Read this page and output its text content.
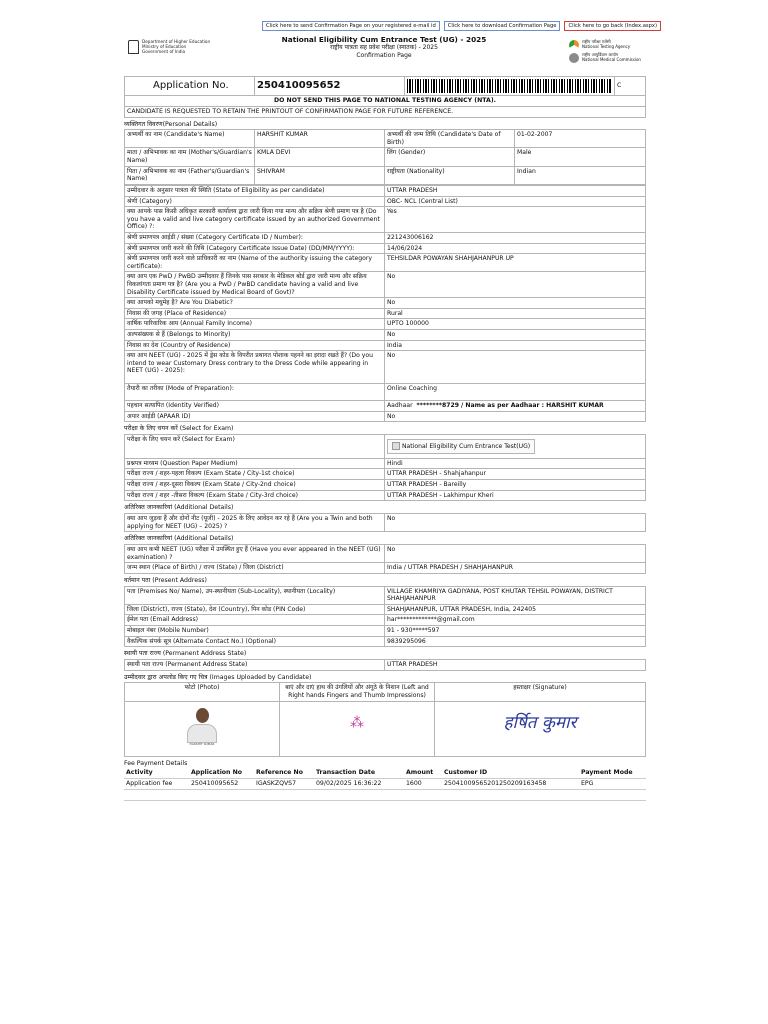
Click here to send Confirmation Page on your registered e-mail id	Click here to download Confirmation Page	Click here to go back (Index.aspx)
Department of Higher Education
Ministry of Education
Government of India
National Eligibility Cum Entrance Test (UG) - 2025
राष्ट्रीय पात्रता सह प्रवेश परीक्षा (स्नातक) - 2025
Confirmation Page
राष्ट्रीय परीक्षा एजेंसी
National Testing Agency
राष्ट्रीय आयुर्विज्ञान आयोग
National Medical Commission
Application No.	250410095652		C
DO NOT SEND THIS PAGE TO NATIONAL TESTING AGENCY (NTA).
CANDIDATE IS REQUESTED TO RETAIN THE PRINTOUT OF CONFIRMATION PAGE FOR FUTURE REFERENCE.
व्यक्तिगत विवरण(Personal Details)
अभ्यर्थी का नाम (Candidate's Name)	HARSHIT KUMAR	अभ्यर्थी की जन्म तिथि (Candidate's Date of Birth)	01-02-2007
माता / अभिभावक का नाम (Mother's/Guardian's Name)	KMLA DEVI	लिंग (Gender)	Male
पिता / अभिभावक का नाम (Father's/Guardian's Name)	SHIVRAM	राष्ट्रीयता (Nationality)	Indian
उम्मीदवार के अनुसार पात्रता की स्थिति (State of Eligibility as per candidate)	UTTAR PRADESH
श्रेणी (Category)	OBC- NCL (Central List)
क्या आपके पास किसी अधिकृत सरकारी कार्यालय द्वारा जारी किया गया मान्य और सक्रिय श्रेणी प्रमाण पत्र है (Do you have a valid and live category certificate issued by an authorized Government Office) ?:	Yes
श्रेणी प्रमाणपत्र आईडी / संख्या (Category Certificate ID / Number):	221243006162
श्रेणी प्रमाणपत्र जारी करने की तिथि (Category Certificate Issue Date) (DD/MM/YYYY):	14/06/2024
श्रेणी प्रमाणपत्र जारी करने वाले प्राधिकारी का नाम (Name of the authority issuing the category certificate):	TEHSILDAR POWAYAN SHAHJAHANPUR UP
क्या आप एक PwD / PwBD उम्मीदवार हैं जिनके पास सरकार के मेडिकल बोर्ड द्वारा जारी मान्य और सक्रिय विकलांगता प्रमाण पत्र है? (Are you a PwD / PwBD candidate having a valid and live Disability Certificate issued by Medical Board of Govt)?	No
क्या आपको मधुमेह है? Are You Diabetic?	No
निवास की जगह (Place of Residence)	Rural
वार्षिक पारिवारिक आय (Annual Family Income)	UPTO 100000
अल्पसंख्यक से हैं (Belongs to Minority)	No
निवास का देश (Country of Residence)	India
क्या आप NEET (UG) - 2025 में ड्रेस कोड के विपरीत प्रथागत पोशाक पहनने का इरादा रखते हैं? (Do you intend to wear Customary Dress contrary to the Dress Code while appearing in NEET (UG) - 2025):	No
तैयारी का तरीका (Mode of Preparation):	Online Coaching
पहचान सत्यापित (Identity Verified)	Aadhaar ********8729 / Name as per Aadhaar : HARSHIT KUMAR
अपार आईडी (APAAR ID)	No
परीक्षा के लिए चयन करें (Select for Exam)
परीक्षा के लिए चयन करें (Select for Exam)	National Eligibility Cum Entrance Test(UG)
प्रश्नपत्र माध्यम (Question Paper Medium)	Hindi
परीक्षा राज्य / शहर-पहला विकल्प (Exam State / City-1st choice)	UTTAR PRADESH - Shahjahanpur
परीक्षा राज्य / शहर-दूसरा विकल्प (Exam State / City-2nd choice)	UTTAR PRADESH - Bareilly
परीक्षा राज्य / शहर -तीसरा विकल्प (Exam State / City-3rd choice)	UTTAR PRADESH - Lakhimpur Kheri
अतिरिक्त जानकारियां (Additional Details)
क्या आप जुड़वा हैं और दोनों नीट (यूजी) - 2025 के लिए आवेदन कर रहे हैं (Are you a Twin and both applying for NEET (UG) – 2025) ?	No
अतिरिक्त जानकारियां (Additional Details)
क्या आप कभी NEET (UG) परीक्षा में उपस्थित हुए हैं (Have you ever appeared in the NEET (UG) examination) ?	No
जन्म स्थान (Place of Birth) / राज्य (State) / जिला (District)	India / UTTAR PRADESH / SHAHJAHANPUR
वर्तमान पता (Present Address)
पता (Premises No/ Name), उप-स्थानीयता (Sub-Locality), स्थानीयता (Locality)	VILLAGE KHAMRIYA GADIYANA, POST KHUTAR TEHSIL POWAYAN, DISTRICT SHAHJAHANPUR
जिला (District), राज्य (State), देश (Country), पिन कोड (PIN Code)	SHAHJAHANPUR, UTTAR PRADESH, India, 242405
ईमेल पता (Email Address)	har*************@gmail.com
मोबाइल नंबर (Mobile Number)	91 - 930*****597
वैकल्पिक संपर्क सूत्र (Alternate Contact No.) (Optional)	9839295096
स्थायी पता राज्य (Permanent Address State)
स्थायी पता राज्य (Permanent Address State)	UTTAR PRADESH
उम्मीदवार द्वारा अपलोड किए गए चित्र (Images Uploaded by Candidate)
फोटो (Photo)	बाएं और दाएं हाथ की उंगलियों और अंगूठे के निशान (Left and Right hands Fingers and Thumb Impressions)	हस्ताक्षर (Signature)

HARSHIT KUMAR	⁂	हर्षित कुमार
Fee Payment Details
Activity	Application No	Reference No	Transaction Date	Amount	Customer ID	Payment Mode
Application fee	250410095652	IGASKZQVS7	09/02/2025 16:36:22	1600	25041009565201250209163458	EPG
